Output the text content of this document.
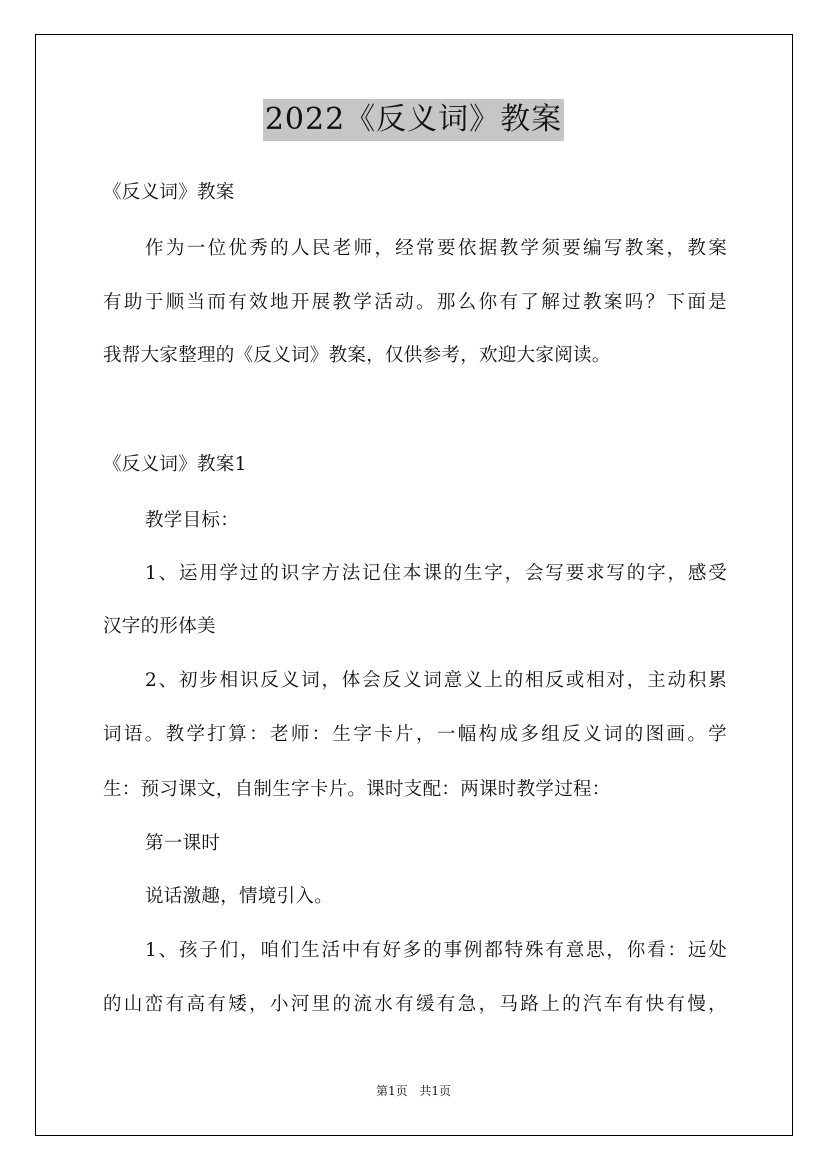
2022《反义词》教案
《反义词》教案
作为一位优秀的人民老师，经常要依据教学须要编写教案，教案
有助于顺当而有效地开展教学活动。那么你有了解过教案吗？下面是
我帮大家整理的《反义词》教案，仅供参考，欢迎大家阅读。
《反义词》教案1
教学目标：
1、运用学过的识字方法记住本课的生字，会写要求写的字，感受
汉字的形体美
2、初步相识反义词，体会反义词意义上的相反或相对，主动积累
词语。教学打算：老师：生字卡片，一幅构成多组反义词的图画。学
生：预习课文，自制生字卡片。课时支配：两课时教学过程：
第一课时
说话激趣，情境引入。
1、孩子们，咱们生活中有好多的事例都特殊有意思，你看：远处
的山峦有高有矮，小河里的流水有缓有急，马路上的汽车有快有慢，
第1页 共1页
